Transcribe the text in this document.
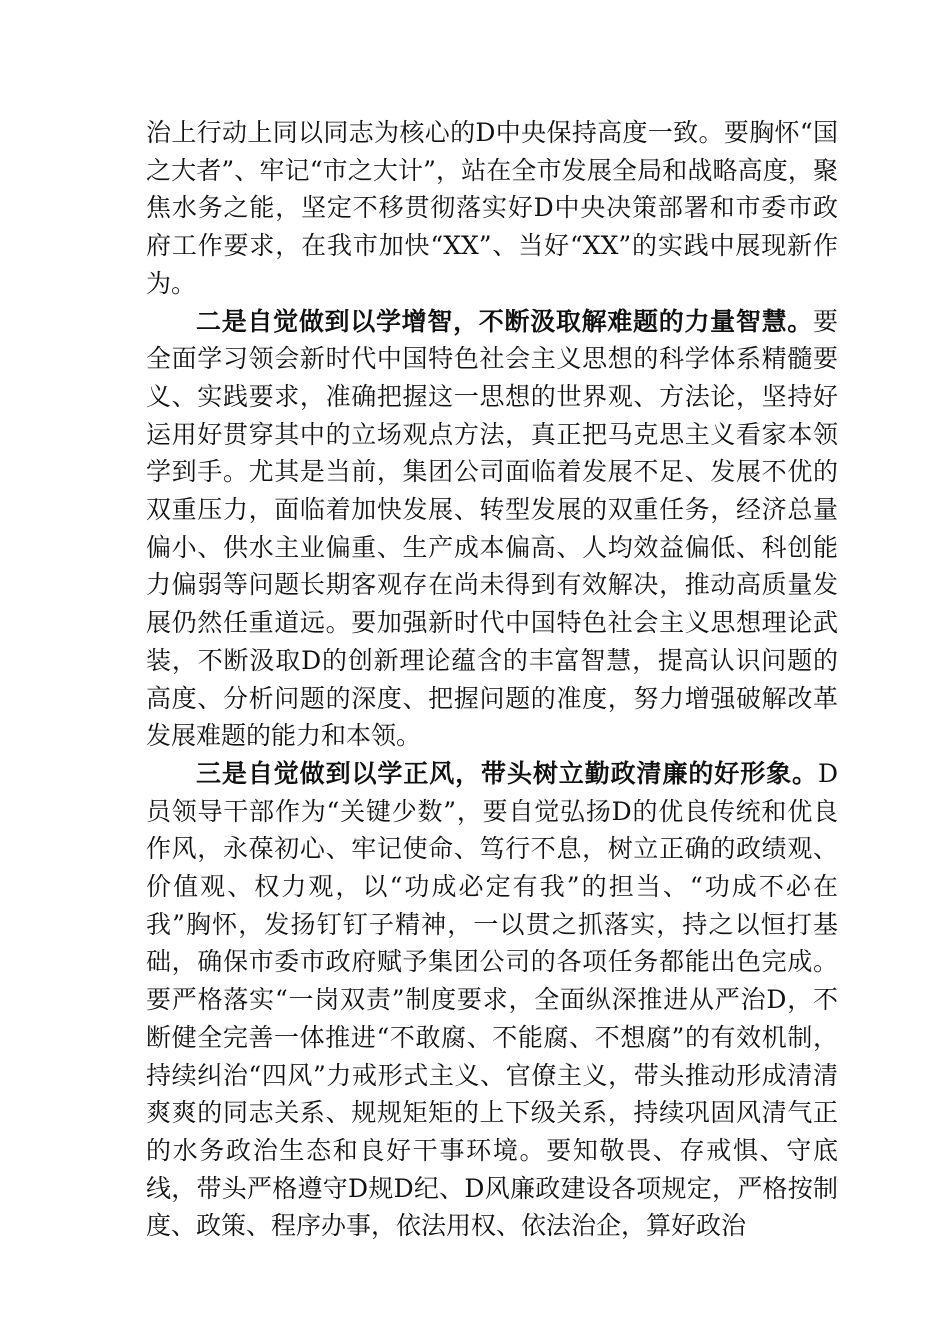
治上行动上同以同志为核心的D中央保持高度一致。要胸怀“国之大者”、牢记“市之大计”，站在全市发展全局和战略高度，聚焦水务之能，坚定不移贯彻落实好D中央决策部署和市委市政府工作要求，在我市加快“XX”、当好“XX”的实践中展现新作为。

二是自觉做到以学增智，不断汲取解难题的力量智慧。要全面学习领会新时代中国特色社会主义思想的科学体系精髓要义、实践要求，准确把握这一思想的世界观、方法论，坚持好运用好贯穿其中的立场观点方法，真正把马克思主义看家本领学到手。尤其是当前，集团公司面临着发展不足、发展不优的双重压力，面临着加快发展、转型发展的双重任务，经济总量偏小、供水主业偏重、生产成本偏高、人均效益偏低、科创能力偏弱等问题长期客观存在尚未得到有效解决，推动高质量发展仍然任重道远。要加强新时代中国特色社会主义思想理论武装，不断汲取D的创新理论蕴含的丰富智慧，提高认识问题的高度、分析问题的深度、把握问题的准度，努力增强破解改革发展难题的能力和本领。

三是自觉做到以学正风，带头树立勤政清廉的好形象。D员领导干部作为“关键少数”，要自觉弘扬D的优良传统和优良作风，永葆初心、牢记使命、笃行不息，树立正确的政绩观、价值观、权力观，以“功成必定有我”的担当、“功成不必在我”胸怀，发扬钉钉子精神，一以贯之抓落实，持之以恒打基础，确保市委市政府赋予集团公司的各项任务都能出色完成。要严格落实“一岗双责”制度要求，全面纵深推进从严治D，不断健全完善一体推进“不敢腐、不能腐、不想腐”的有效机制，持续纠治“四风”力戒形式主义、官僚主义，带头推动形成清清爽爽的同志关系、规规矩矩的上下级关系，持续巩固风清气正的水务政治生态和良好干事环境。要知敬畏、存戒惧、守底线，带头严格遵守D规D纪、D风廉政建设各项规定，严格按制度、政策、程序办事，依法用权、依法治企，算好政治
